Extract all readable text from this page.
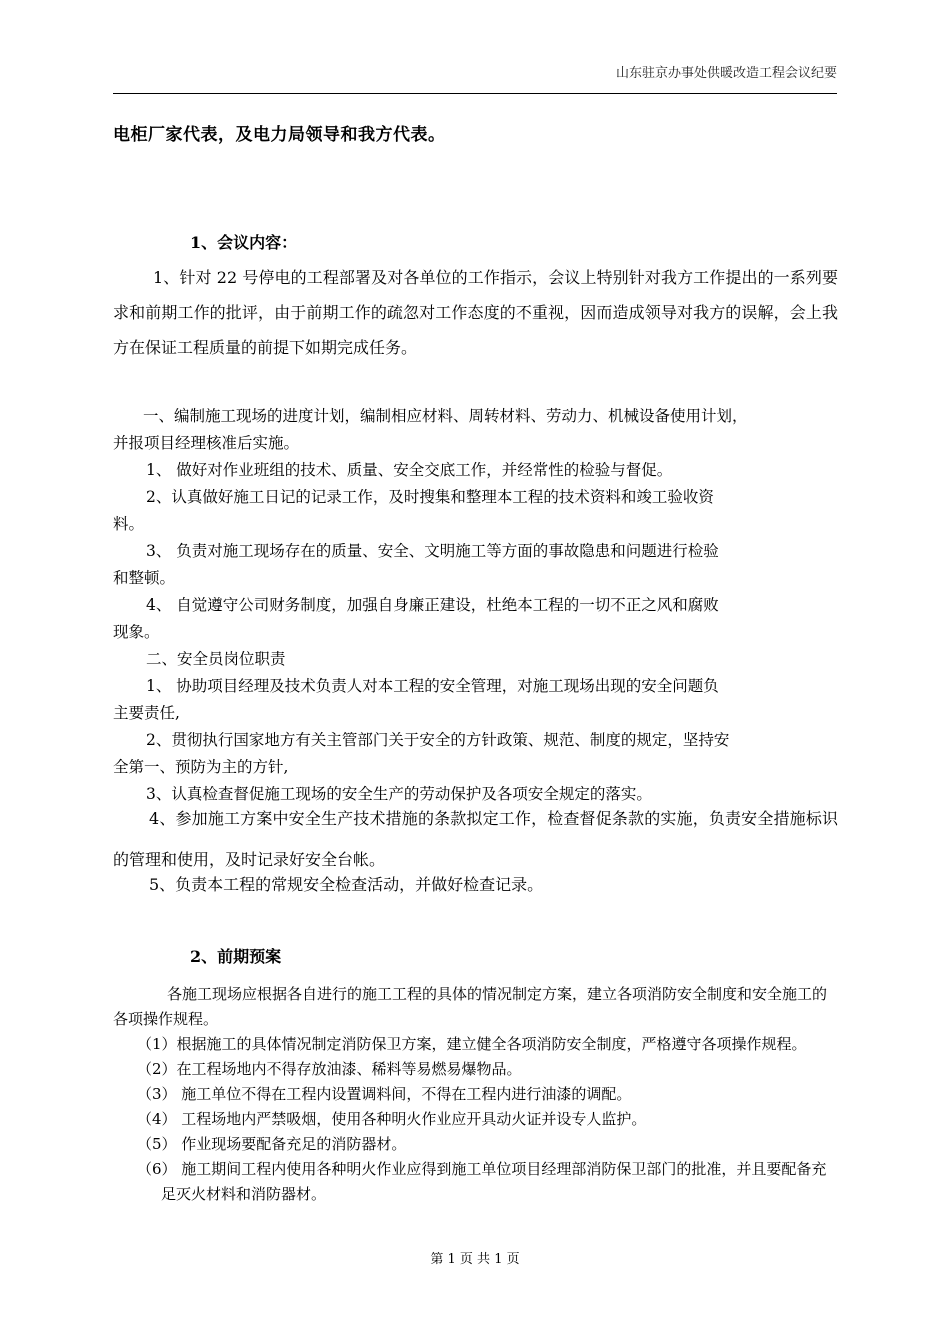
山东驻京办事处供暖改造工程会议纪要
电柜厂家代表，及电力局领导和我方代表。
1、会议内容：
1、针对 22 号停电的工程部署及对各单位的工作指示，会议上特别针对我方工作提出的一系列要求和前期工作的批评，由于前期工作的疏忽对工作态度的不重视，因而造成领导对我方的误解，会上我方在保证工程质量的前提下如期完成任务。
一、编制施工现场的进度计划，编制相应材料、周转材料、劳动力、机械设备使用计划，
并报项目经理核准后实施。
1、 做好对作业班组的技术、质量、安全交底工作，并经常性的检验与督促。
2、认真做好施工日记的记录工作，及时搜集和整理本工程的技术资料和竣工验收资
料。
3、 负责对施工现场存在的质量、安全、文明施工等方面的事故隐患和问题进行检验
和整顿。
4、 自觉遵守公司财务制度，加强自身廉正建设，杜绝本工程的一切不正之风和腐败
现象。
二、安全员岗位职责
1、 协助项目经理及技术负责人对本工程的安全管理，对施工现场出现的安全问题负
主要责任,
2、贯彻执行国家地方有关主管部门关于安全的方针政策、规范、制度的规定，坚持安
全第一、预防为主的方针,
3、认真检查督促施工现场的安全生产的劳动保护及各项安全规定的落实。
4、参加施工方案中安全生产技术措施的条款拟定工作，检查督促条款的实施，负责安全措施标识的管理和使用，及时记录好安全台帐。
5、负责本工程的常规安全检查活动，并做好检查记录。
2、前期预案
各施工现场应根据各自进行的施工工程的具体的情况制定方案，建立各项消防安全制度和安全施工的各项操作规程。
（1）根据施工的具体情况制定消防保卫方案，建立健全各项消防安全制度，严格遵守各项操作规程。
（2）在工程场地内不得存放油漆、稀料等易燃易爆物品。
（3） 施工单位不得在工程内设置调料间，不得在工程内进行油漆的调配。
（4） 工程场地内严禁吸烟，使用各种明火作业应开具动火证并设专人监护。
（5） 作业现场要配备充足的消防器材。
（6） 施工期间工程内使用各种明火作业应得到施工单位项目经理部消防保卫部门的批准，并且要配备充足灭火材料和消防器材。
第 1 页 共 1 页
